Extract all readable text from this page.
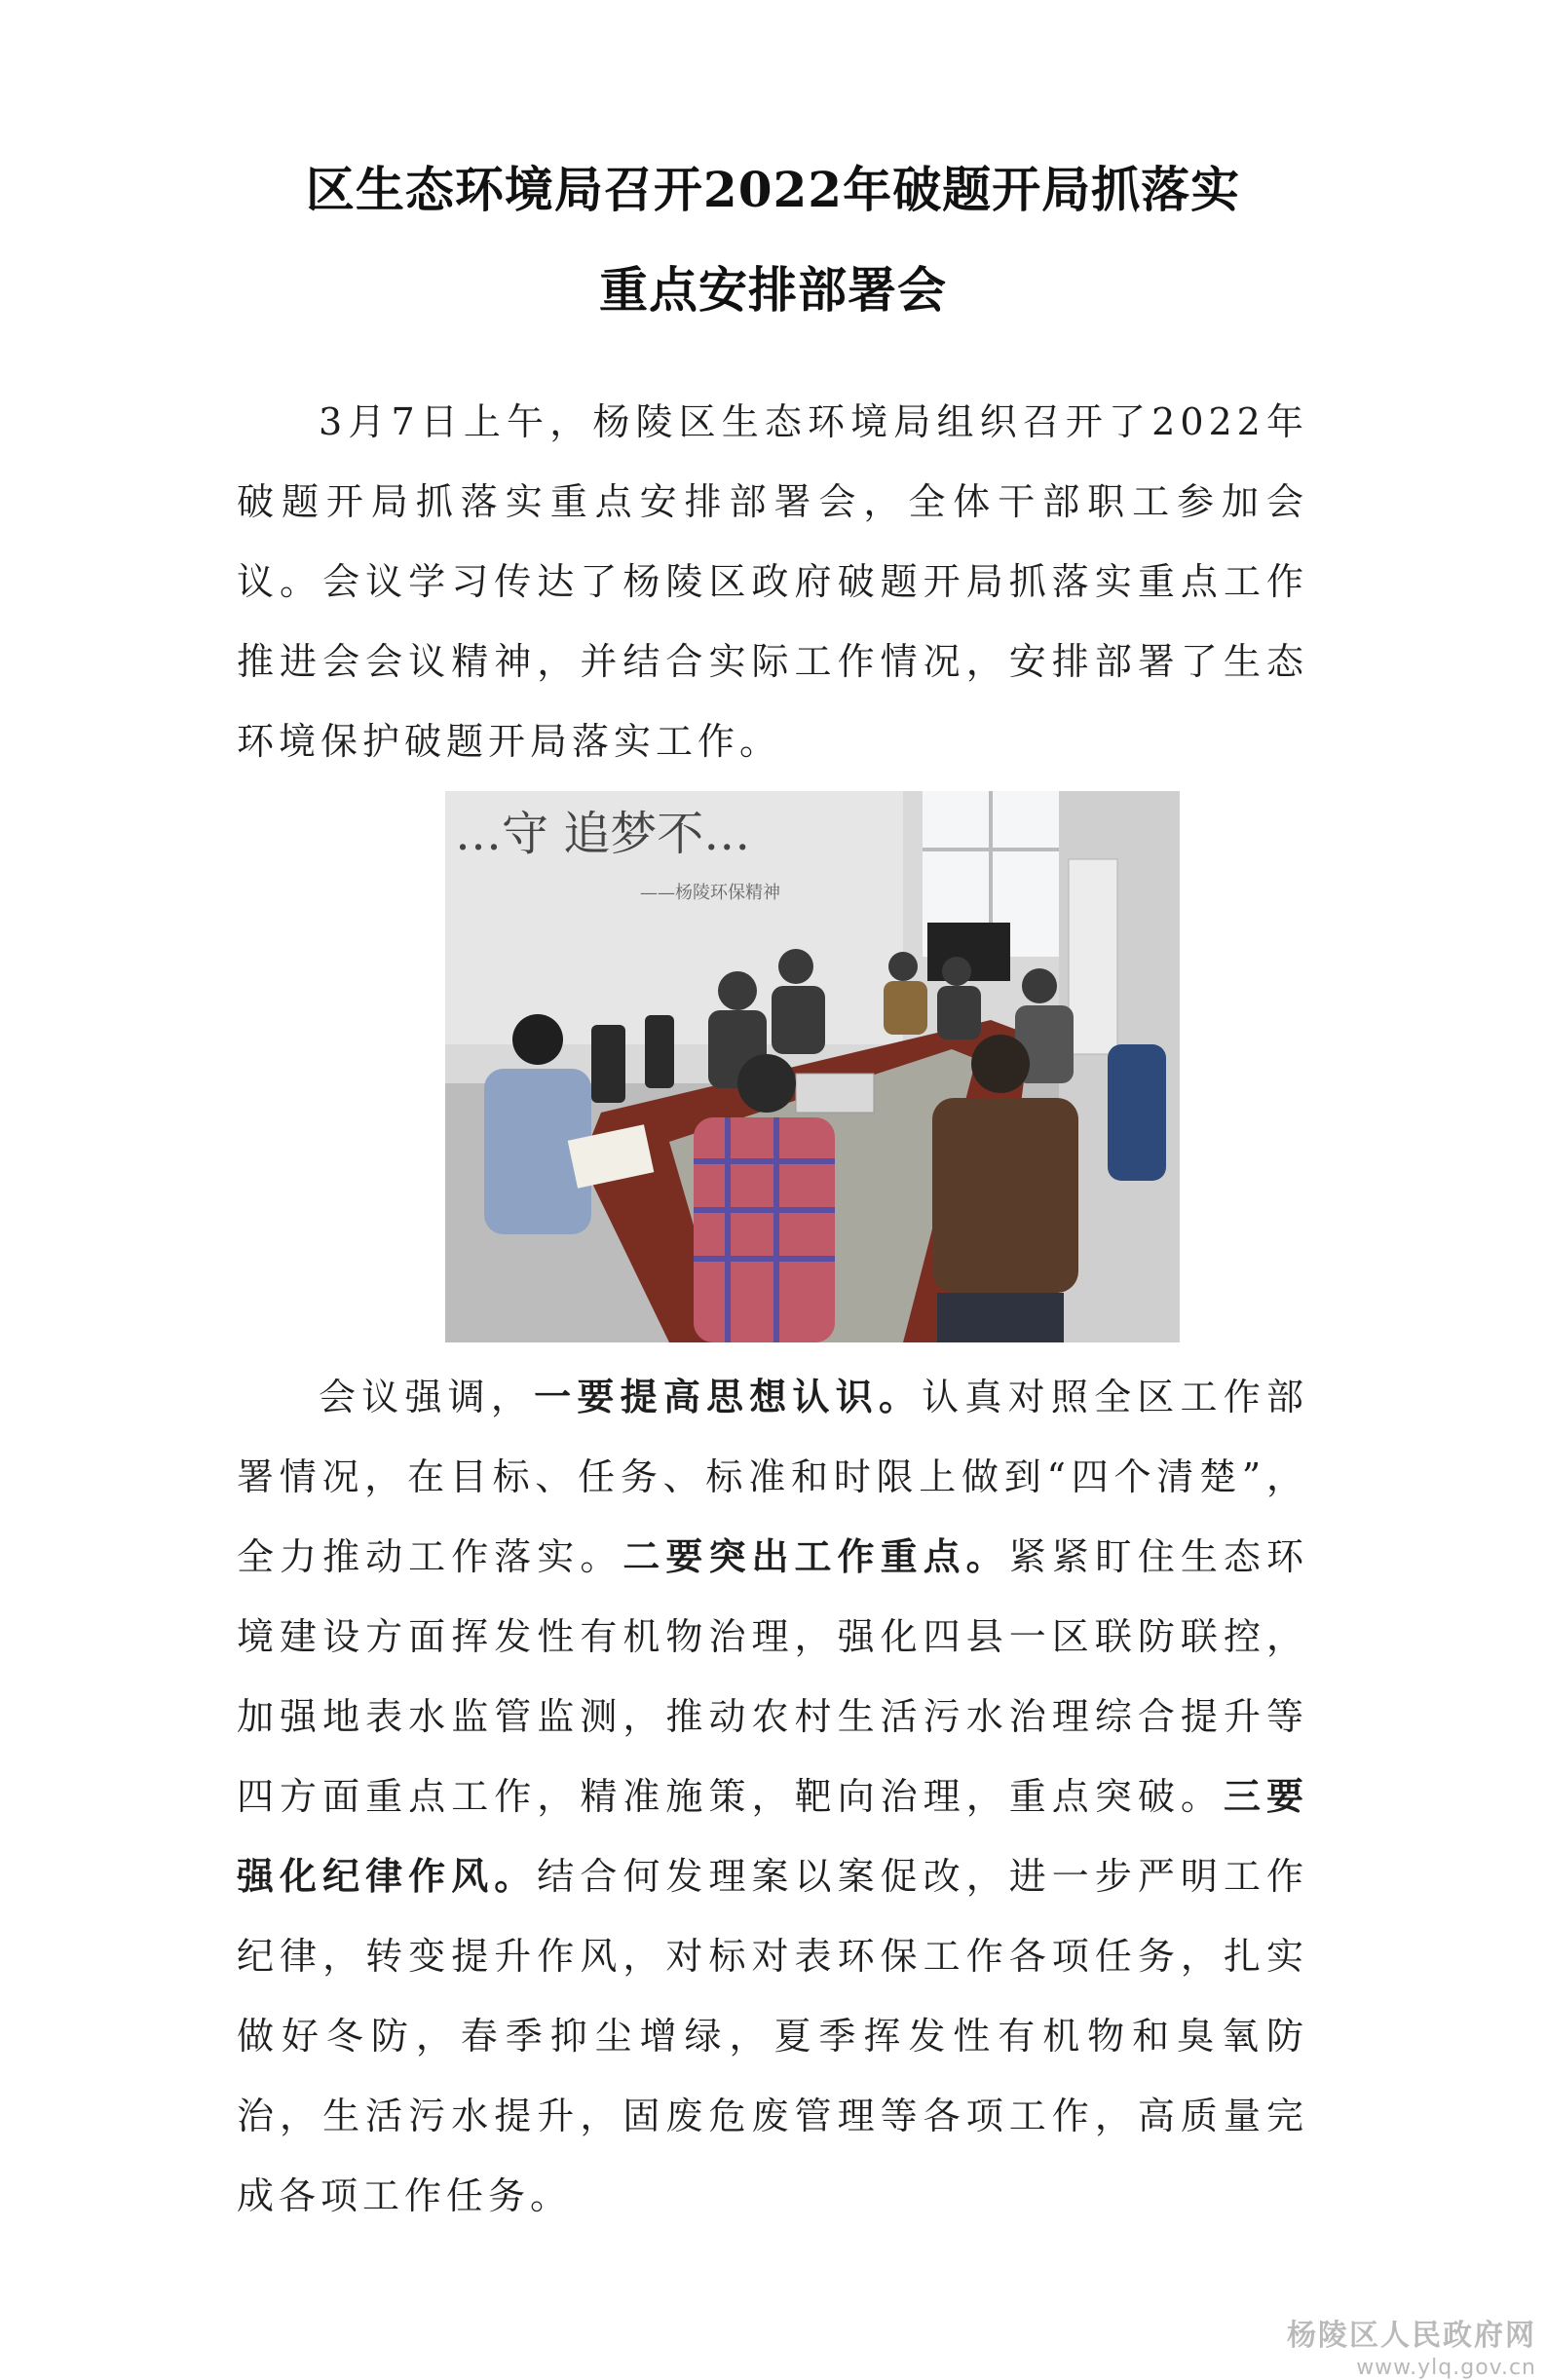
区生态环境局召开2022年破题开局抓落实
重点安排部署会

3月7日上午，杨陵区生态环境局组织召开了2022年破题开局抓落实重点安排部署会，全体干部职工参加会议。会议学习传达了杨陵区政府破题开局抓落实重点工作推进会会议精神，并结合实际工作情况，安排部署了生态环境保护破题开局落实工作。

…守 追梦不…
——杨陵环保精神

会议强调，一要提高思想认识。认真对照全区工作部署情况，在目标、任务、标准和时限上做到“四个清楚”，全力推动工作落实。二要突出工作重点。紧紧盯住生态环境建设方面挥发性有机物治理，强化四县一区联防联控，加强地表水监管监测，推动农村生活污水治理综合提升等四方面重点工作，精准施策，靶向治理，重点突破。三要强化纪律作风。结合何发理案以案促改，进一步严明工作纪律，转变提升作风，对标对表环保工作各项任务，扎实做好冬防，春季抑尘增绿，夏季挥发性有机物和臭氧防治，生活污水提升，固废危废管理等各项工作，高质量完成各项工作任务。

杨陵区人民政府网
www.ylq.gov.cn
